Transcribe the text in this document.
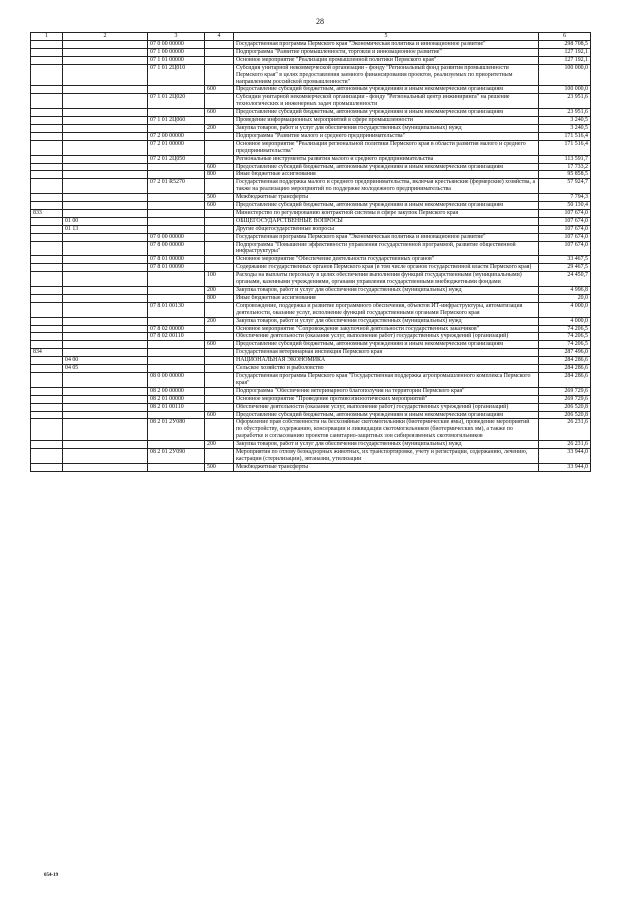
28
1	2	3	4	5	6
		07 0 00 00000		Государственная программа Пермского края "Экономическая политика и инновационное развитие"	298 708,5
		07 1 00 00000		Подпрограмма "Развитие промышленности, торговли и инновационное развитие"	127 192,1
		07 1 01 00000		Основное мероприятие "Реализация промышленной политики Пермского края"	127 192,1
		07 1 01 2Ц010		Субсидия унитарной некоммерческой организации - фонду "Региональный фонд развития промышленности Пермского края" в целях предоставления заемного финансирования проектов, реализуемых по приоритетным направлениям российской промышленности"	100 000,0
			600	Предоставление субсидий бюджетным, автономным учреждениям и иным некоммерческим организациям	100 000,0
		07 1 01 2Ц020		Субсидии унитарной некоммерческой организации - фонду "Региональный центр инжиниринга" на решение технологических и инженерных задач промышленности	23 951,6
			600	Предоставление субсидий бюджетным, автономным учреждениям и иным некоммерческим организациям	23 951,6
		07 1 01 2Ц060		Проведение информационных мероприятий в сфере промышленности	3 240,5
			200	Закупка товаров, работ и услуг для обеспечения государственных (муниципальных) нужд	3 240,5
		07 2 00 00000		Подпрограмма "Развитие малого и среднего предпринимательства"	171 516,4
		07 2 01 00000		Основное мероприятие "Реализация региональной политики Пермского края в области развития малого и среднего предпринимательства"	171 516,4
		07 2 01 2Ц050		Региональные инструменты развития малого и среднего предпринимательства	113 591,7
			600	Предоставление субсидий бюджетным, автономным учреждениям и иным некоммерческим организациям	17 733,2
			800	Иные бюджетные ассигнования	95 858,5
		07 2 01 R5270		Государственная поддержка малого и среднего предпринимательства, включая крестьянские (фермерские) хозяйства, а также на реализацию мероприятий по поддержке молодежного предпринимательства	57 924,7
			500	Межбюджетные трансферты	7 794,3
			600	Предоставление субсидий бюджетным, автономным учреждениям и иным некоммерческим организациям	50 130,4
833				Министерство по регулированию контрактной системы в сфере закупок Пермского края	107 674,0
	01 00			ОБЩЕГОСУДАРСТВЕННЫЕ ВОПРОСЫ	107 674,0
	01 13			Другие общегосударственные вопросы	107 674,0
		07 0 00 00000		Государственная программа Пермского края "Экономическая политика и инновационное развитие"	107 674,0
		07 8 00 00000		Подпрограмма "Повышение эффективности управления государственной программой, развитие общественной инфраструктуры"	107 674,0
		07 8 01 00000		Основное мероприятие "Обеспечение деятельности государственных органов"	33 467,5
		07 8 01 00090		Содержание государственных органов Пермского края (в том числе органов государственной власти Пермского края)	29 467,5
			100	Расходы на выплаты персоналу в целях обеспечения выполнения функций государственными (муниципальными) органами, казенными учреждениями, органами управления государственными внебюджетными фондами	24 450,7
			200	Закупка товаров, работ и услуг для обеспечения государственных (муниципальных) нужд	4 996,8
			800	Иные бюджетные ассигнования	20,0
		07 8 01 00130		Сопровождение, поддержка и развитие программного обеспечения, объектов ИТ-инфраструктуры, автоматизация деятельности, оказание услуг, исполнение функций государственными органами Пермского края	4 000,0
			200	Закупка товаров, работ и услуг для обеспечения государственных (муниципальных) нужд	4 000,0
		07 8 02 00000		Основное мероприятие "Сопровождение закупочной деятельности государственных заказчиков"	74 206,5
		07 8 02 00110		Обеспечение деятельности (оказание услуг, выполнение работ) государственных учреждений (организаций)	74 206,5
			600	Предоставление субсидий бюджетным, автономным учреждениям и иным некоммерческим организациям	74 206,5
834				Государственная ветеринарная инспекция Пермского края	287 496,0
	04 00			НАЦИОНАЛЬНАЯ ЭКОНОМИКА	284 286,6
	04 05			Сельское хозяйство и рыболовство	284 286,6
		08 0 00 00000		Государственная программа Пермского края "Государственная поддержка агропромышленного комплекса Пермского края"	284 286,6
		08 2 00 00000		Подпрограмма "Обеспечение ветеринарного благополучия на территории Пермского края"	269 729,6
		08 2 01 00000		Основное мероприятие "Проведение противоэпизоотических мероприятий"	269 729,6
		08 2 01 00110		Обеспечение деятельности (оказание услуг, выполнение работ) государственных учреждений (организаций)	206 520,8
			600	Предоставление субсидий бюджетным, автономным учреждениям и иным некоммерческим организациям	206 520,8
		08 2 01 2У080		Оформление прав собственности на бесхозяйные скотомогильники (биотермические ямы), проведение мероприятий по обустройству, содержанию, консервации и ликвидации скотомогильников (биотермических ям), а также по разработке и согласованию проектов санитарно-защитных зон сибиреязвенных скотомогильников	26 231,6
			200	Закупка товаров, работ и услуг для обеспечения государственных (муниципальных) нужд	26 231,6
		08 2 01 2У090		Мероприятия по отлову безнадзорных животных, их транспортировке, учету и регистрации, содержанию, лечению, кастрации (стерилизации), эвтаназии, утилизации	33 944,0
			500	Межбюджетные трансферты	33 944,0
054-19
